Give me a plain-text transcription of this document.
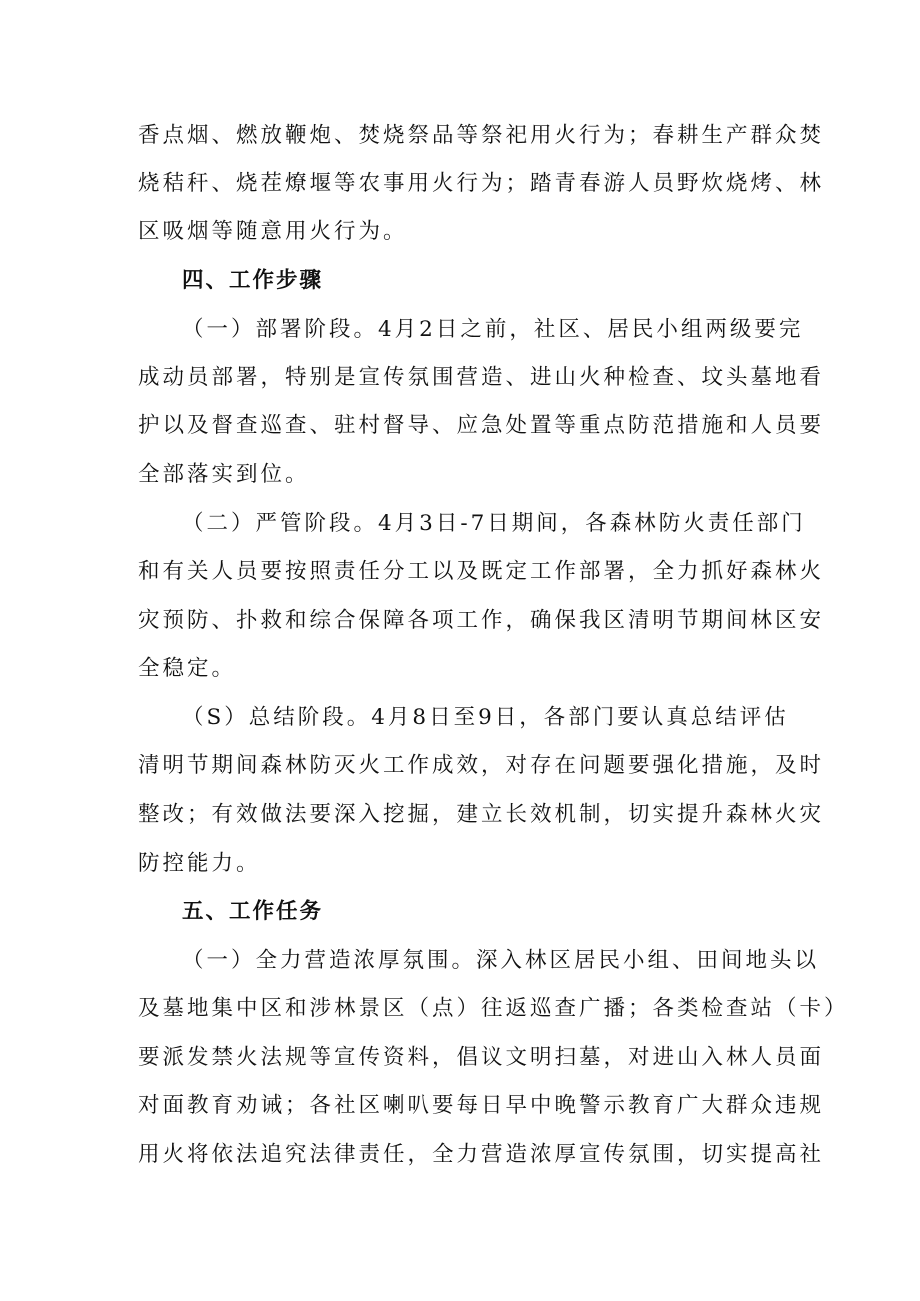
香点烟、燃放鞭炮、焚烧祭品等祭祀用火行为；春耕生产群众焚
烧秸秆、烧茬燎堰等农事用火行为；踏青春游人员野炊烧烤、林
区吸烟等随意用火行为。
四、工作步骤
（一）部署阶段。4月2日之前，社区、居民小组两级要完
成动员部署，特别是宣传氛围营造、进山火种检查、坟头墓地看
护以及督查巡查、驻村督导、应急处置等重点防范措施和人员要
全部落实到位。
（二）严管阶段。4月3日-7日期间，各森林防火责任部门
和有关人员要按照责任分工以及既定工作部署，全力抓好森林火
灾预防、扑救和综合保障各项工作，确保我区清明节期间林区安
全稳定。
（S）总结阶段。4月8日至9日，各部门要认真总结评估
清明节期间森林防灭火工作成效，对存在问题要强化措施，及时
整改；有效做法要深入挖掘，建立长效机制，切实提升森林火灾
防控能力。
五、工作任务
（一）全力营造浓厚氛围。深入林区居民小组、田间地头以
及墓地集中区和涉林景区（点）往返巡查广播；各类检查站（卡）
要派发禁火法规等宣传资料，倡议文明扫墓，对进山入林人员面
对面教育劝诫；各社区喇叭要每日早中晚警示教育广大群众违规
用火将依法追究法律责任，全力营造浓厚宣传氛围，切实提高社
